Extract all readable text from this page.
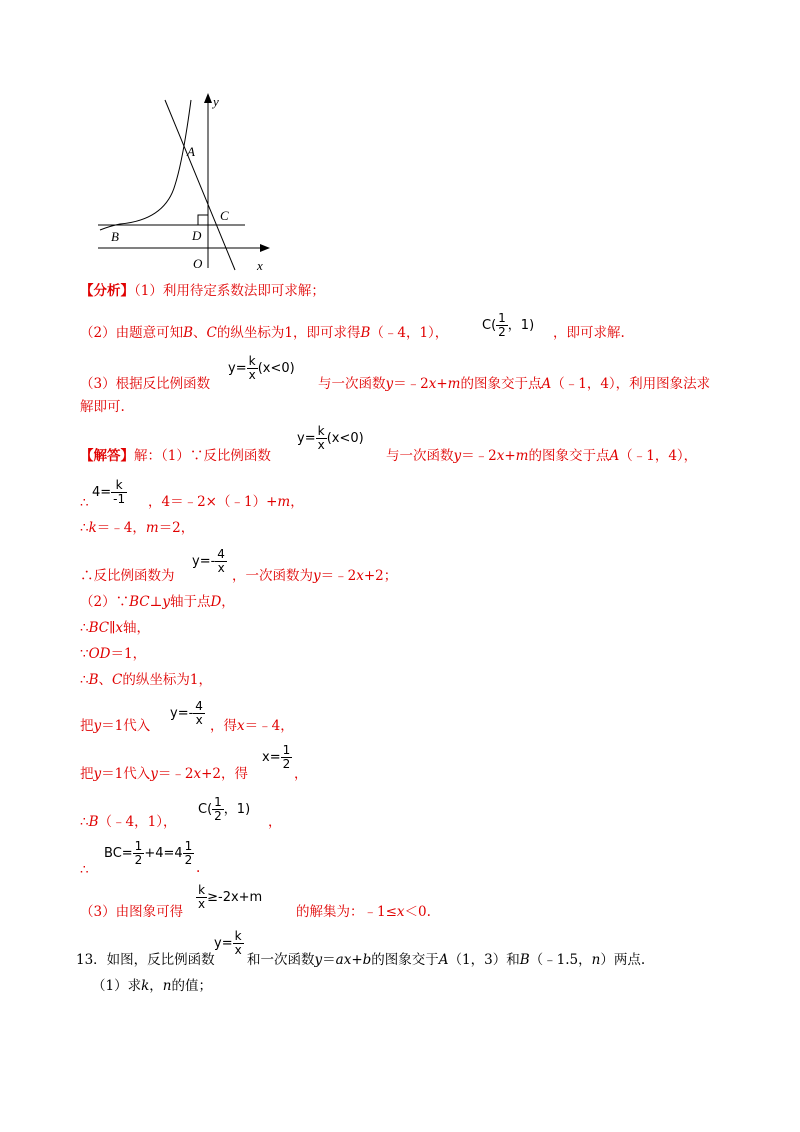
y
A
C
D
B
O	x
【分析】（1）利用待定系数法即可求解；
（2）由题意可知B、C的纵坐标为1，即可求得B（﹣4，1），	$C( \frac{1}{2}$ ，1) ，即可求解.
$y= \frac{k}{x} (x<0)$
（3）根据反比例函数	与一次函数y＝﹣2x+m的图象交于点A（﹣1，4），利用图象法求
解即可.
$y= \frac{k}{x} (x<0)$
【解答】解：（1）∵反比例函数	与一次函数y＝﹣2x+m的图象交于点A（﹣1，4），
∴
$4= \frac{k}{-1}$ ，4＝﹣2×（﹣1）+m，
∴k＝﹣4，m＝2，
∴反比例函数为
$y=- \frac{4}{x}$
，一次函数为y＝﹣2x+2；
（2）∵BC⊥y轴于点D，
∴BC∥x轴，
∵OD＝1，
∴B、C的纵坐标为1，
把y＝1代入
$y=- \frac{4}{x}$ ，得x＝﹣4，
把y＝1代入y＝﹣2x+2，得
$x= \frac{1}{2}$
，
∴B（﹣4，1），
$C( \frac{1}{2}$ ，1)
，
∴
$BC= \frac{1}{2} +4=4 \frac{1}{2}$
.
（3）由图象可得
$\frac{k}{x} \ge-2x+m$
的解集为：﹣1≤x＜0.
13．如图，反比例函数
$y= \frac{k}{x}$
和一次函数y＝ax+b的图象交于A（1，3）和B（﹣1.5，n）两点.
（1）求k，n的值；
